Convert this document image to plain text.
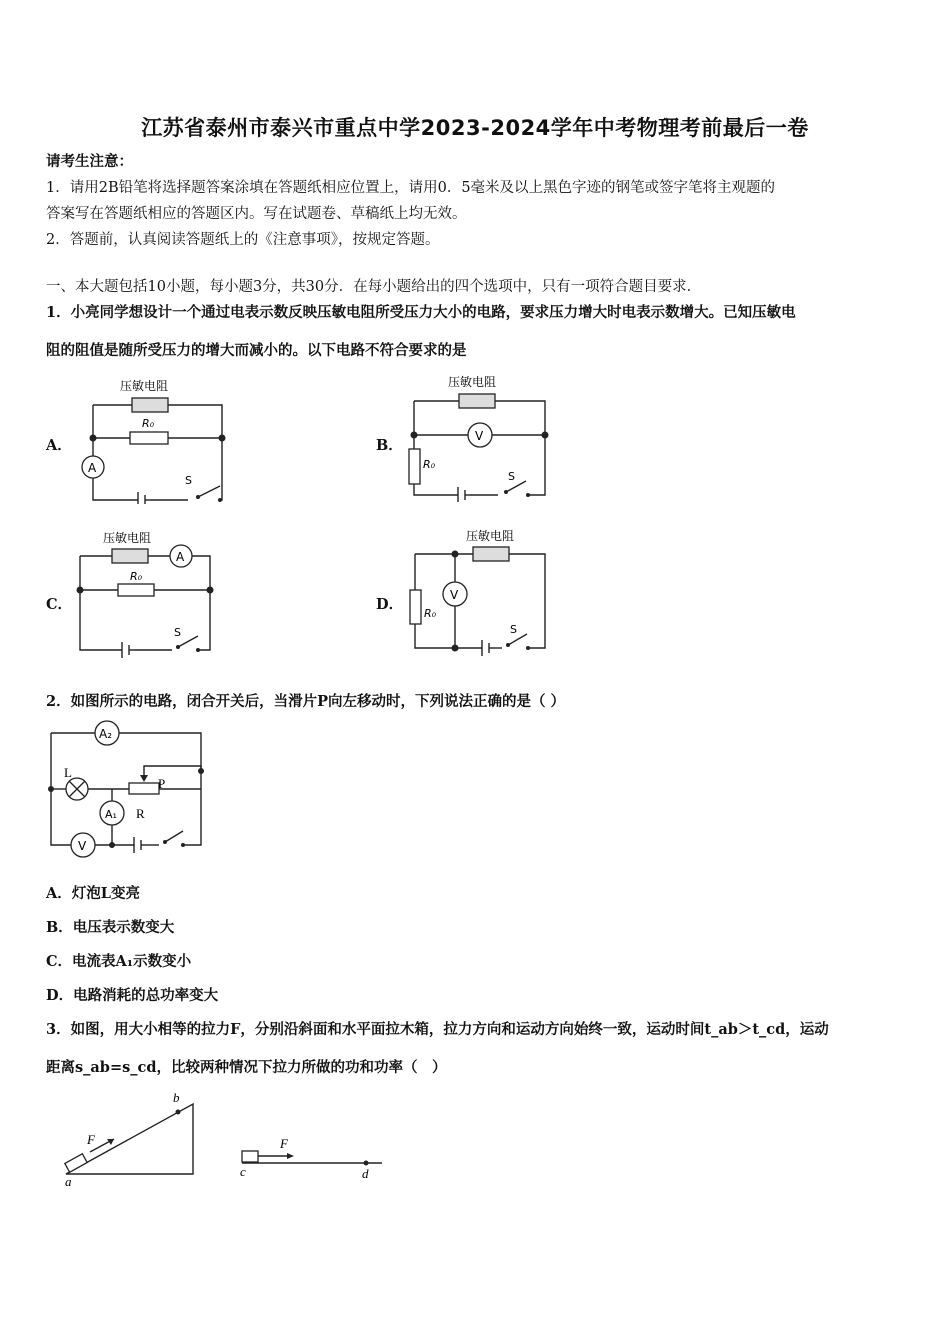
江苏省泰州市泰兴市重点中学2023-2024学年中考物理考前最后一卷
请考生注意：
1．请用2B铅笔将选择题答案涂填在答题纸相应位置上，请用0．5毫米及以上黑色字迹的钢笔或签字笔将主观题的
答案写在答题纸相应的答题区内。写在试题卷、草稿纸上均无效。
2．答题前，认真阅读答题纸上的《注意事项》，按规定答题。
一、本大题包括10小题，每小题3分，共30分．在每小题给出的四个选项中，只有一项符合题目要求．
1．小亮同学想设计一个通过电表示数反映压敏电阻所受压力大小的电路，要求压力增大时电表示数增大。已知压敏电
阻的阻值是随所受压力的增大而减小的。以下电路不符合要求的是
A．	B．
C．	D．
压敏电阻
R₀
A
S
压敏电阻
R₀
V
S
压敏电阻
R₀
A
S
压敏电阻
R₀
V
S
2．如图所示的电路，闭合开关后，当滑片P向左移动时，下列说法正确的是（ ）
A₂
L
P
R
A₁
V
A．灯泡L变亮
B．电压表示数变大
C．电流表A₁示数变小
D．电路消耗的总功率变大
3．如图，用大小相等的拉力F，分别沿斜面和水平面拉木箱，拉力方向和运动方向始终一致，运动时间t_ab＞t_cd，运动
距离s_ab=s_cd，比较两种情况下拉力所做的功和功率（　）
a
b
c	d
F	F
